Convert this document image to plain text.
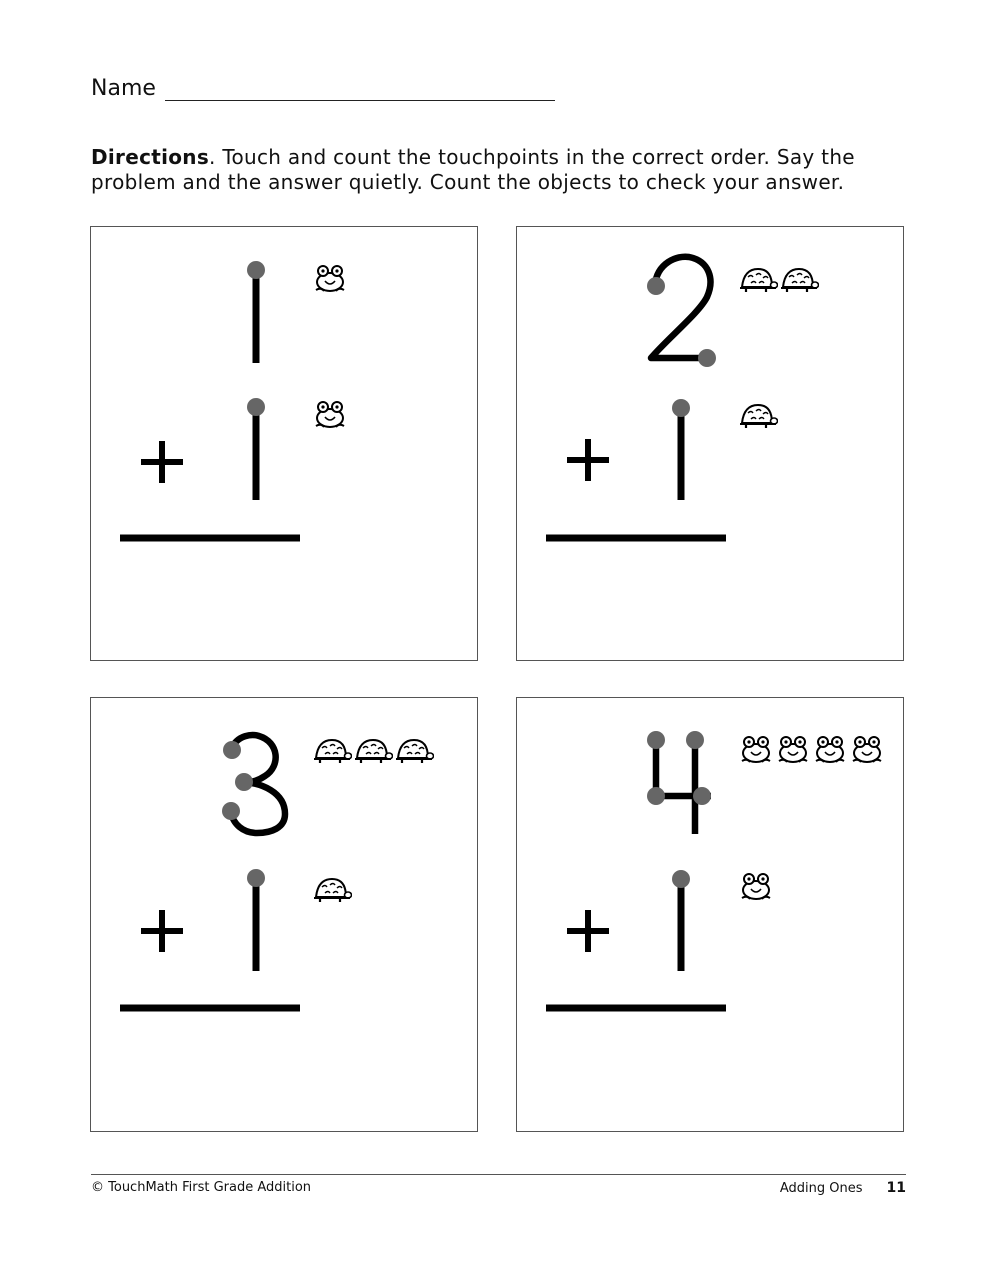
Name
Directions. Touch and count the touchpoints in the correct order. Say the problem and the answer quietly. Count the objects to check your answer.
© TouchMath First Grade Addition	Adding Ones 11
